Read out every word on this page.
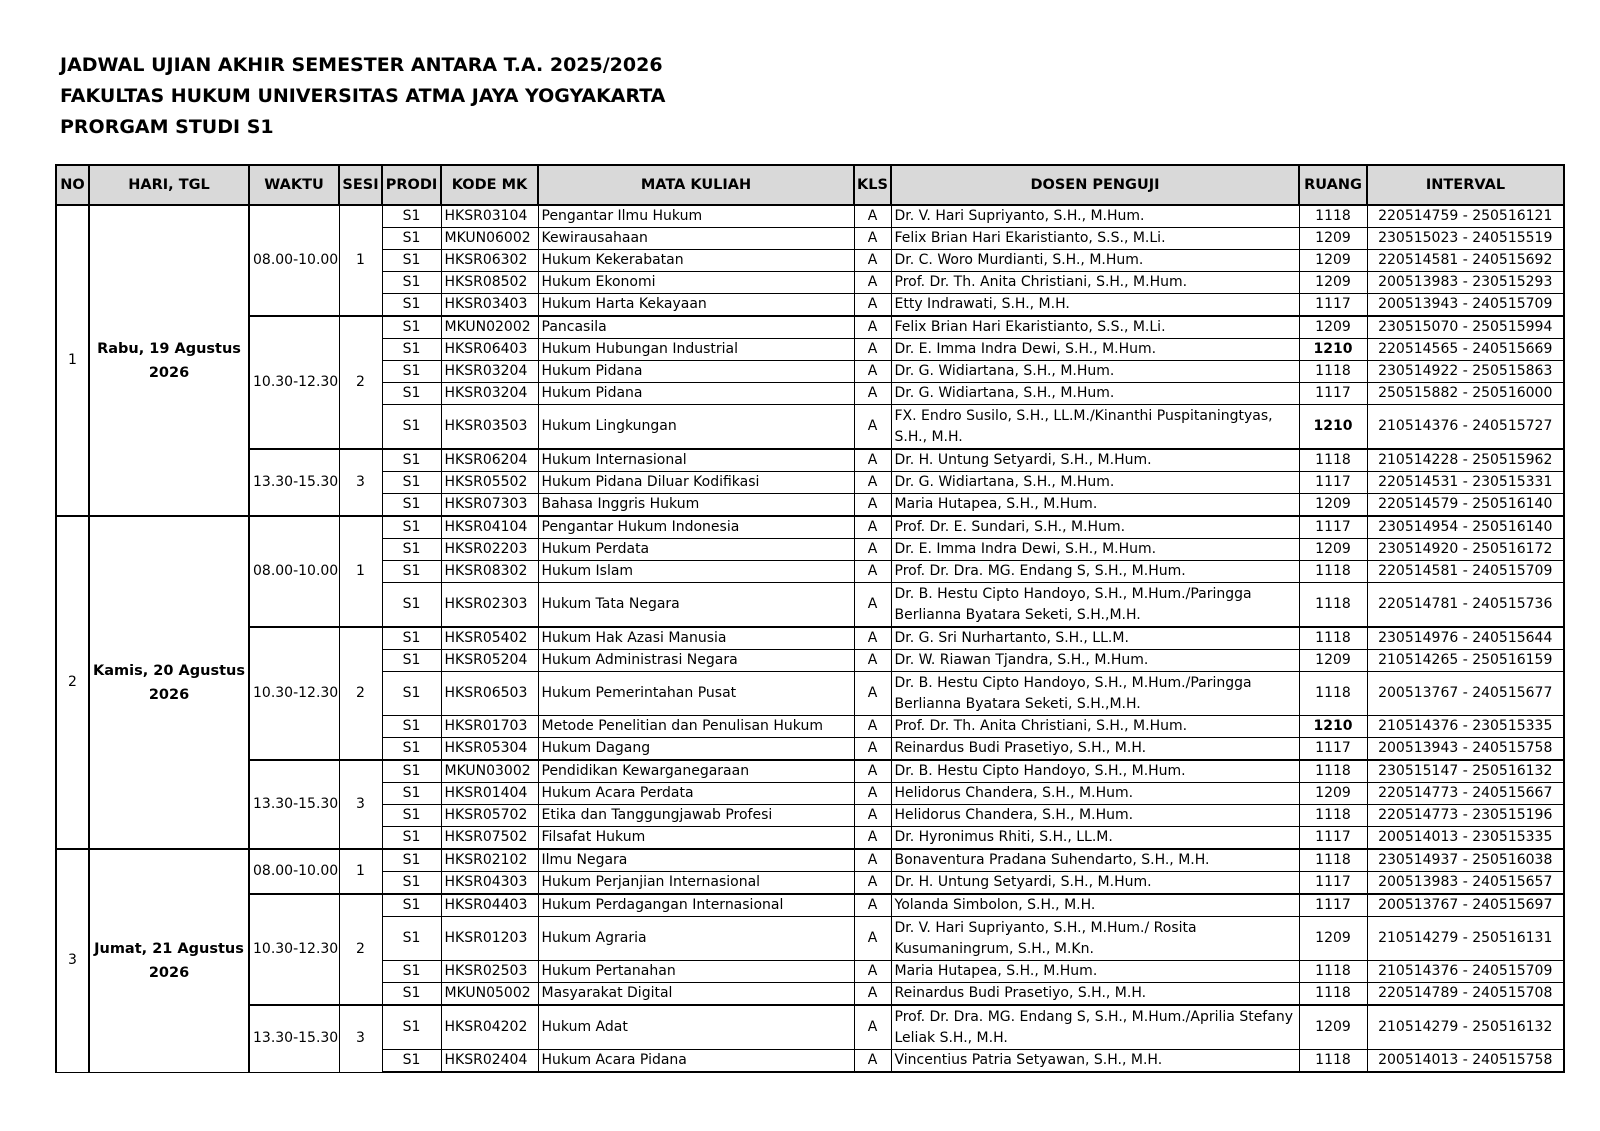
JADWAL UJIAN AKHIR SEMESTER ANTARA T.A. 2025/2026
FAKULTAS HUKUM UNIVERSITAS ATMA JAYA YOGYAKARTA
PRORGAM STUDI S1
NO	HARI, TGL	WAKTU	SESI	PRODI	KODE MK	MATA KULIAH	KLS	DOSEN PENGUJI	RUANG	INTERVAL
1	Rabu, 19 Agustus 2026	08.00-10.00	1	S1	HKSR03104	Pengantar Ilmu Hukum	A	Dr. V. Hari Supriyanto, S.H., M.Hum.	1118	220514759 - 250516121
				S1	MKUN06002	Kewirausahaan	A	Felix Brian Hari Ekaristianto, S.S., M.Li.	1209	230515023 - 240515519
				S1	HKSR06302	Hukum Kekerabatan	A	Dr. C. Woro Murdianti, S.H., M.Hum.	1209	220514581 - 240515692
				S1	HKSR08502	Hukum Ekonomi	A	Prof. Dr. Th. Anita Christiani, S.H., M.Hum.	1209	200513983 - 230515293
				S1	HKSR03403	Hukum Harta Kekayaan	A	Etty Indrawati, S.H., M.H.	1117	200513943 - 240515709
		10.30-12.30	2	S1	MKUN02002	Pancasila	A	Felix Brian Hari Ekaristianto, S.S., M.Li.	1209	230515070 - 250515994
				S1	HKSR06403	Hukum Hubungan Industrial	A	Dr. E. Imma Indra Dewi, S.H., M.Hum.	1210	220514565 - 240515669
				S1	HKSR03204	Hukum Pidana	A	Dr. G. Widiartana, S.H., M.Hum.	1118	230514922 - 250515863
				S1	HKSR03204	Hukum Pidana	A	Dr. G. Widiartana, S.H., M.Hum.	1117	250515882 - 250516000
				S1	HKSR03503	Hukum Lingkungan	A	FX. Endro Susilo, S.H., LL.M./Kinanthi Puspitaningtyas, S.H., M.H.	1210	210514376 - 240515727
		13.30-15.30	3	S1	HKSR06204	Hukum Internasional	A	Dr. H. Untung Setyardi, S.H., M.Hum.	1118	210514228 - 250515962
				S1	HKSR05502	Hukum Pidana Diluar Kodifikasi	A	Dr. G. Widiartana, S.H., M.Hum.	1117	220514531 - 230515331
				S1	HKSR07303	Bahasa Inggris Hukum	A	Maria Hutapea, S.H., M.Hum.	1209	220514579 - 250516140
2	Kamis, 20 Agustus 2026	08.00-10.00	1	S1	HKSR04104	Pengantar Hukum Indonesia	A	Prof. Dr. E. Sundari, S.H., M.Hum.	1117	230514954 - 250516140
				S1	HKSR02203	Hukum Perdata	A	Dr. E. Imma Indra Dewi, S.H., M.Hum.	1209	230514920 - 250516172
				S1	HKSR08302	Hukum Islam	A	Prof. Dr. Dra. MG. Endang S, S.H., M.Hum.	1118	220514581 - 240515709
				S1	HKSR02303	Hukum Tata Negara	A	Dr. B. Hestu Cipto Handoyo, S.H., M.Hum./Paringga Berlianna Byatara Seketi, S.H.,M.H.	1118	220514781 - 240515736
		10.30-12.30	2	S1	HKSR05402	Hukum Hak Azasi Manusia	A	Dr. G. Sri Nurhartanto, S.H., LL.M.	1118	230514976 - 240515644
				S1	HKSR05204	Hukum Administrasi Negara	A	Dr. W. Riawan Tjandra, S.H., M.Hum.	1209	210514265 - 250516159
				S1	HKSR06503	Hukum Pemerintahan Pusat	A	Dr. B. Hestu Cipto Handoyo, S.H., M.Hum./Paringga Berlianna Byatara Seketi, S.H.,M.H.	1118	200513767 - 240515677
				S1	HKSR01703	Metode Penelitian dan Penulisan Hukum	A	Prof. Dr. Th. Anita Christiani, S.H., M.Hum.	1210	210514376 - 230515335
				S1	HKSR05304	Hukum Dagang	A	Reinardus Budi Prasetiyo, S.H., M.H.	1117	200513943 - 240515758
		13.30-15.30	3	S1	MKUN03002	Pendidikan Kewarganegaraan	A	Dr. B. Hestu Cipto Handoyo, S.H., M.Hum.	1118	230515147 - 250516132
				S1	HKSR01404	Hukum Acara Perdata	A	Helidorus Chandera, S.H., M.Hum.	1209	220514773 - 240515667
				S1	HKSR05702	Etika dan Tanggungjawab Profesi	A	Helidorus Chandera, S.H., M.Hum.	1118	220514773 - 230515196
				S1	HKSR07502	Filsafat Hukum	A	Dr. Hyronimus Rhiti, S.H., LL.M.	1117	200514013 - 230515335
3	Jumat, 21 Agustus 2026	08.00-10.00	1	S1	HKSR02102	Ilmu Negara	A	Bonaventura Pradana Suhendarto, S.H., M.H.	1118	230514937 - 250516038
				S1	HKSR04303	Hukum Perjanjian Internasional	A	Dr. H. Untung Setyardi, S.H., M.Hum.	1117	200513983 - 240515657
		10.30-12.30	2	S1	HKSR04403	Hukum Perdagangan Internasional	A	Yolanda Simbolon, S.H., M.H.	1117	200513767 - 240515697
				S1	HKSR01203	Hukum Agraria	A	Dr. V. Hari Supriyanto, S.H., M.Hum./ Rosita Kusumaningrum, S.H., M.Kn.	1209	210514279 - 250516131
				S1	HKSR02503	Hukum Pertanahan	A	Maria Hutapea, S.H., M.Hum.	1118	210514376 - 240515709
				S1	MKUN05002	Masyarakat Digital	A	Reinardus Budi Prasetiyo, S.H., M.H.	1118	220514789 - 240515708
		13.30-15.30	3	S1	HKSR04202	Hukum Adat	A	Prof. Dr. Dra. MG. Endang S, S.H., M.Hum./Aprilia Stefany Leliak S.H., M.H.	1209	210514279 - 250516132
				S1	HKSR02404	Hukum Acara Pidana	A	Vincentius Patria Setyawan, S.H., M.H.	1118	200514013 - 240515758
